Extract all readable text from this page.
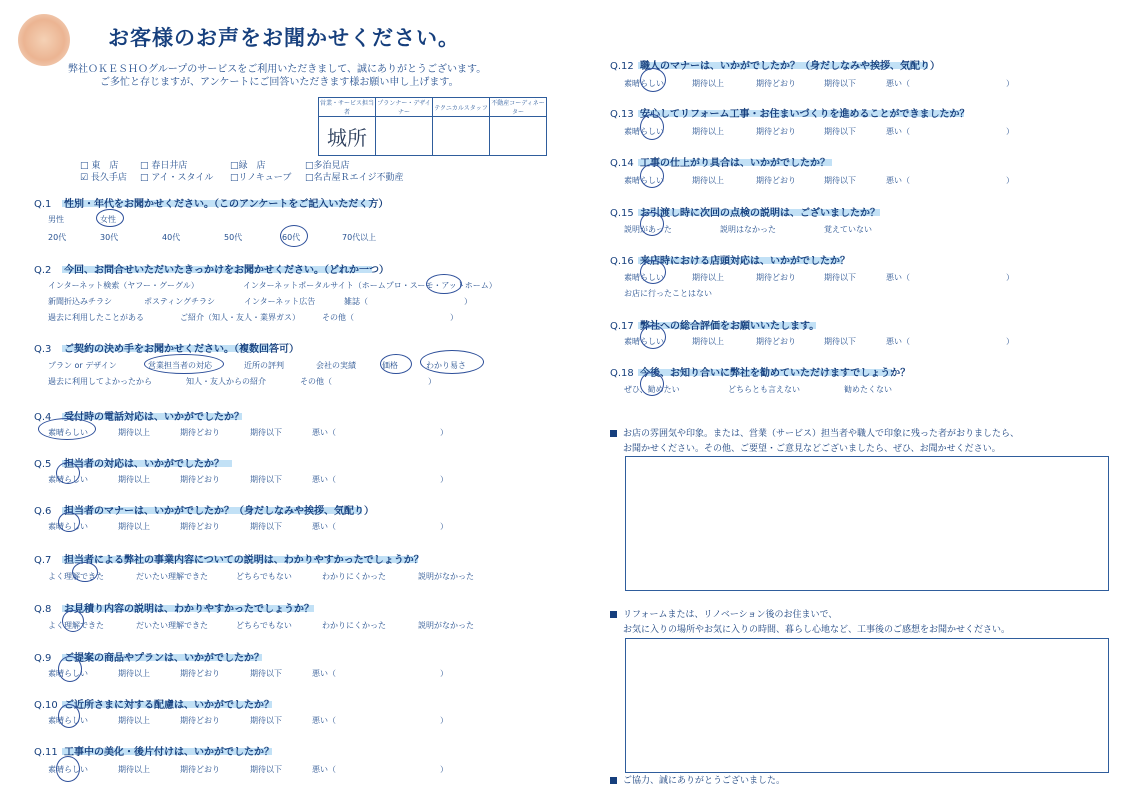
お客様のお声をお聞かせください。
弊社ＯＫＥＳＨＯグループのサービスをご利用いただきまして、誠にありがとうございます。
ご多忙と存じますが、アンケートにご回答いただきます様お願い申し上げます。
営業・サービス担当者	プランナー・デザイナー	テクニカルスタッフ	不動産コーディネーター
城所			
□ 東　店 □ 春日井店	□緑　店	□多治見店
☑ 長久手店 □ アイ・スタイル □リノキューブ □名古屋Ｒエイジ不動産
Q.1 性別・年代をお聞かせください。（このアンケートをご記入いただく方）
男性	女性
20代	30代	40代	50代	60代	70代以上
Q.2 今回、お問合せいただいたきっかけをお聞かせください。（どれか一つ）
インターネット検索（ヤフー・グーグル）	インターネットポータルサイト（ホームプロ・スーモ・アットホーム）
新聞折込みチラシ	ポスティングチラシ	インターネット広告	雑誌（　　　　　　　　　　　　）
過去に利用したことがある	ご紹介（知人・友人・業界ガス）	その他（　　　　　　　　　　　　）
Q.3 ご契約の決め手をお聞かせください。（複数回答可）
プラン or デザイン	営業担当者の対応	近所の評判	会社の実績	価格	わかり易さ
過去に利用してよかったから	知人・友人からの紹介	その他（　　　　　　　　　　　　）
Q.4 受付時の電話対応は、いかがでしたか？
素晴らしい	期待以上	期待どおり	期待以下	悪い（　　　　　　　　　　　　　）
Q.5 担当者の対応は、いかがでしたか？
素晴らしい	期待以上	期待どおり	期待以下	悪い（　　　　　　　　　　　　　）
Q.6 担当者のマナーは、いかがでしたか？（身だしなみや挨拶、気配り）
素晴らしい	期待以上	期待どおり	期待以下	悪い（　　　　　　　　　　　　　）
Q.7 担当者による弊社の事業内容についての説明は、わかりやすかったでしょうか？
よく理解できた	だいたい理解できた	どちらでもない	わかりにくかった	説明がなかった
Q.8 お見積り内容の説明は、わかりやすかったでしょうか？
よく理解できた	だいたい理解できた	どちらでもない	わかりにくかった	説明がなかった
Q.9 ご提案の商品やプランは、いかがでしたか？
素晴らしい	期待以上	期待どおり	期待以下	悪い（　　　　　　　　　　　　　）
Q.10 ご近所さまに対する配慮は、いかがでしたか？
素晴らしい	期待以上	期待どおり	期待以下	悪い（　　　　　　　　　　　　　）
Q.11 工事中の美化・後片付けは、いかがでしたか？
素晴らしい	期待以上	期待どおり	期待以下	悪い（　　　　　　　　　　　　　）
Q.12 職人のマナーは、いかがでしたか？（身だしなみや挨拶、気配り）
素晴らしい	期待以上	期待どおり	期待以下	悪い（　　　　　　　　　　　　）
Q.13 安心してリフォーム工事・お住まいづくりを進めることができましたか？
素晴らしい	期待以上	期待どおり	期待以下	悪い（　　　　　　　　　　　　）
Q.14 工事の仕上がり具合は、いかがでしたか？
素晴らしい	期待以上	期待どおり	期待以下	悪い（　　　　　　　　　　　　）
Q.15 お引渡し時に次回の点検の説明は、ございましたか？
説明があった	説明はなかった	覚えていない
Q.16 来店時における店頭対応は、いかがでしたか？
素晴らしい	期待以上	期待どおり	期待以下	悪い（　　　　　　　　　　　　）
お店に行ったことはない
Q.17 弊社への総合評価をお願いいたします。
素晴らしい	期待以上	期待どおり	期待以下	悪い（　　　　　　　　　　　　）
Q.18 今後、お知り合いに弊社を勧めていただけますでしょうか？
ぜひ、勧めたい	どちらとも言えない	勧めたくない
お店の雰囲気や印象。または、営業（サービス）担当者や職人で印象に残った者がおりましたら、
お聞かせください。その他、ご要望・ご意見などございましたら、ぜひ、お聞かせください。
リフォームまたは、リノベーション後のお住まいで、
お気に入りの場所やお気に入りの時間、暮らし心地など、工事後のご感想をお聞かせください。
ご協力、誠にありがとうございました。
